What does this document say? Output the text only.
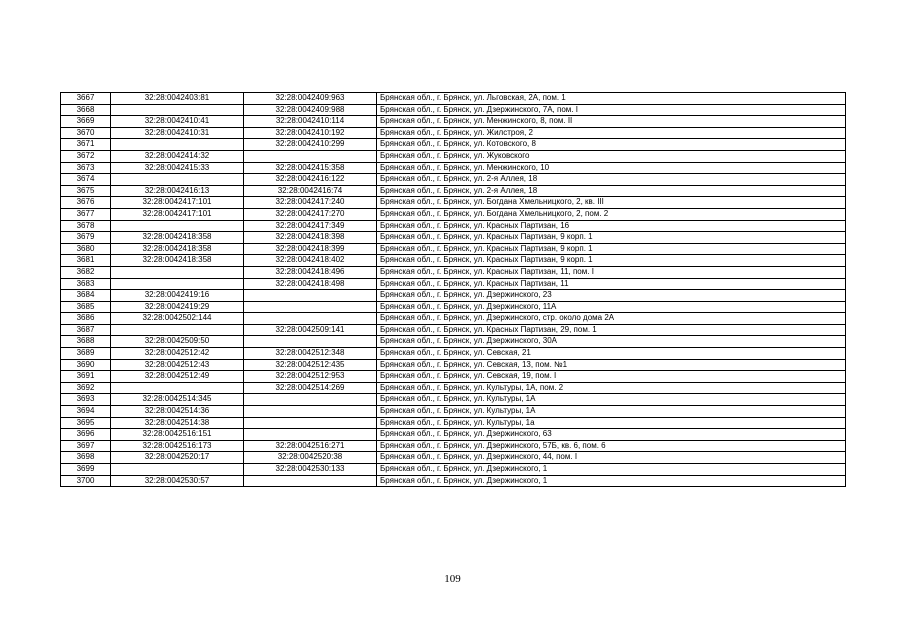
3667	32:28:0042403:81	32:28:0042409:963	Брянская обл., г. Брянск, ул. Льговская, 2А, пом. 1
3668		32:28:0042409:988	Брянская обл., г. Брянск, ул. Дзержинского, 7А, пом. I
3669	32:28:0042410:41	32:28:0042410:114	Брянская обл., г. Брянск, ул. Менжинского, 8, пом. II
3670	32:28:0042410:31	32:28:0042410:192	Брянская обл., г. Брянск, ул. Жилстроя, 2
3671		32:28:0042410:299	Брянская обл., г. Брянск, ул. Котовского, 8
3672	32:28:0042414:32		Брянская обл., г. Брянск, ул. Жуковского
3673	32:28:0042415:33	32:28:0042415:358	Брянская обл., г. Брянск, ул. Менжинского, 10
3674		32:28:0042416:122	Брянская обл., г. Брянск, ул. 2-я Аллея, 18
3675	32:28:0042416:13	32:28:0042416:74	Брянская обл., г. Брянск, ул. 2-я Аллея, 18
3676	32:28:0042417:101	32:28:0042417:240	Брянская обл., г. Брянск, ул. Богдана Хмельницкого, 2, кв. III
3677	32:28:0042417:101	32:28:0042417:270	Брянская обл., г. Брянск, ул. Богдана Хмельницкого, 2, пом. 2
3678		32:28:0042417:349	Брянская обл., г. Брянск, ул. Красных Партизан, 16
3679	32:28:0042418:358	32:28:0042418:398	Брянская обл., г. Брянск, ул. Красных Партизан, 9 корп. 1
3680	32:28:0042418:358	32:28:0042418:399	Брянская обл., г. Брянск, ул. Красных Партизан, 9 корп. 1
3681	32:28:0042418:358	32:28:0042418:402	Брянская обл., г. Брянск, ул. Красных Партизан, 9 корп. 1
3682		32:28:0042418:496	Брянская обл., г. Брянск, ул. Красных Партизан, 11, пом. I
3683		32:28:0042418:498	Брянская обл., г. Брянск, ул. Красных Партизан, 11
3684	32:28:0042419:16		Брянская обл., г. Брянск, ул. Дзержинского, 23
3685	32:28:0042419:29		Брянская обл., г. Брянск, ул. Дзержинского, 11А
3686	32:28:0042502:144		Брянская обл., г. Брянск, ул. Дзержинского, стр. около дома 2А
3687		32:28:0042509:141	Брянская обл., г. Брянск, ул. Красных Партизан, 29, пом. 1
3688	32:28:0042509:50		Брянская обл., г. Брянск, ул. Дзержинского, 30А
3689	32:28:0042512:42	32:28:0042512:348	Брянская обл., г. Брянск, ул. Севская, 21
3690	32:28:0042512:43	32:28:0042512:435	Брянская обл., г. Брянск, ул. Севская, 13, пом. №1
3691	32:28:0042512:49	32:28:0042512:953	Брянская обл., г. Брянск, ул. Севская, 19, пом. I
3692		32:28:0042514:269	Брянская обл., г. Брянск, ул. Культуры, 1А, пом. 2
3693	32:28:0042514:345		Брянская обл., г. Брянск, ул. Культуры, 1А
3694	32:28:0042514:36		Брянская обл., г. Брянск, ул. Культуры, 1А
3695	32:28:0042514:38		Брянская обл., г. Брянск, ул. Культуры, 1а
3696	32:28:0042516:151		Брянская обл., г. Брянск, ул. Дзержинского, 63
3697	32:28:0042516:173	32:28:0042516:271	Брянская обл., г. Брянск, ул. Дзержинского, 57Б, кв. 6, пом. 6
3698	32:28:0042520:17	32:28:0042520:38	Брянская обл., г. Брянск, ул. Дзержинского, 44, пом. I
3699		32:28:0042530:133	Брянская обл., г. Брянск, ул. Дзержинского, 1
3700	32:28:0042530:57		Брянская обл., г. Брянск, ул. Дзержинского, 1
109
